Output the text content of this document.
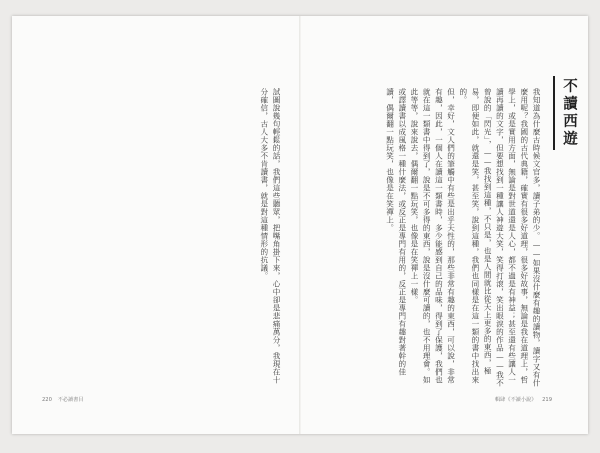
試圖說幾句輕鬆的話，我們這些聽眾，把嘴角掛下來，心中卻是悲痛萬分，我現在十分確信，古人大多不肯讀書，就是對這種情形的抗議。

220 不必讀書目
不讀西遊

我知道為什麼古時候文官多，讀子弟的少。——如果沒什麼有趣的讀物，讀字又有什麼用呢？我國的古代典籍，確實有很多好道理，很多好故事，無論是我在道理上，哲學上，或是實用方面，無論是對世道還是人心，都不過是有神益；甚至還有些讓人一讀再讀的文字，但要想找到一種讓人神遊大笑，笑得打滾，笑出眼淚的作品——我不曾說的「閃光」，——我找到這種，不只是，也是人間就比從天上更多的東西，極易，即便如此，就還是笑，甚至笑，說到這種，我們也同樣是在這一類的書中找出來的。

但，幸好，文人們的筆觸中有些是出乎天性的，那些非常有趣的東西，可以說，非常有趣，因此，一個人在讀這一類書時，多少能感到自己的品味，得到了保護，我們也就在這一類書中得到了，說是不可多得的東西，說是沒什麼可讀的，也不用理會。如此等等，說來說去，偶爾翻一點玩笑，也像是在笑禪上一樣。

或譯讀書以成風格一種什麼法，或反正是專門有用的，反正是專門有趣對著幹的佳讀，偶爾翻一點玩笑，也像是在笑禪上。

輯肆《不讀小說》 219
